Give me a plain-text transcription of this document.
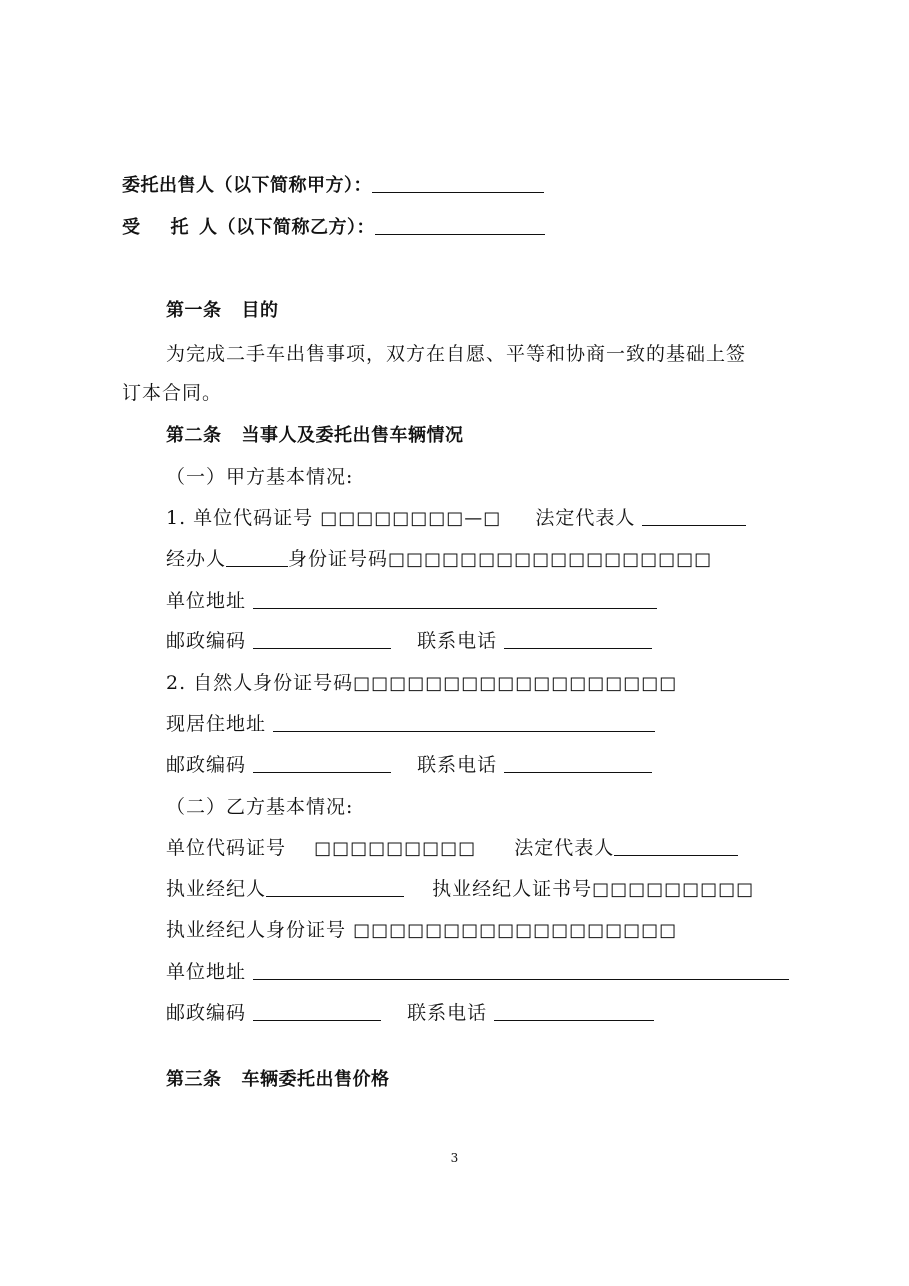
委托出售人（以下简称甲方）：
受 托 人（以下简称乙方）：
第一条 目的
为完成二手车出售事项，双方在自愿、平等和协商一致的基础上签
订本合同。
第二条 当事人及委托出售车辆情况
（一）甲方基本情况:
1. 单位代码证号 □□□□□□□□—□ 法定代表人
经办人	身份证号码□□□□□□□□□□□□□□□□□□
单位地址
邮政编码	联系电话
2. 自然人身份证号码□□□□□□□□□□□□□□□□□□
现居住地址
邮政编码	联系电话
（二）乙方基本情况:
单位代码证号 □□□□□□□□□ 法定代表人
执业经纪人	执业经纪人证书号□□□□□□□□□
执业经纪人身份证号 □□□□□□□□□□□□□□□□□□
单位地址
邮政编码	联系电话
第三条 车辆委托出售价格
3
